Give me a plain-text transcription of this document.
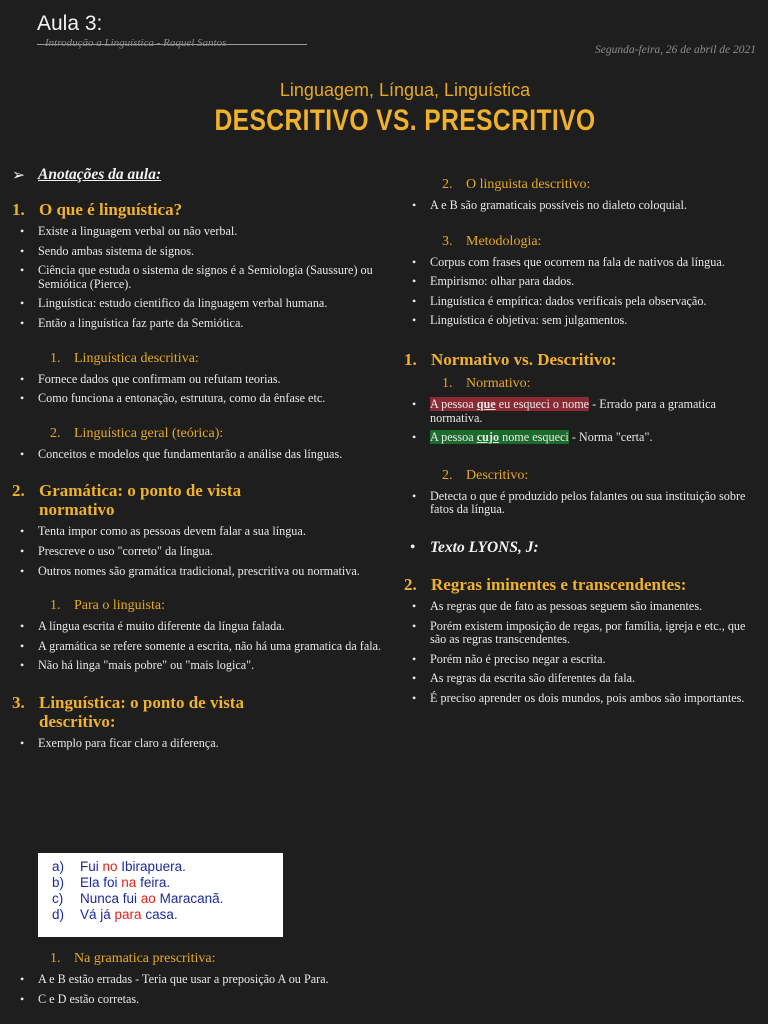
Aula 3:
Introdução a Linguística - Raquel Santos
Segunda-feira, 26 de abril de 2021
Linguagem, Língua, Linguística
DESCRITIVO VS. PRESCRITIVO
➢ Anotações da aula:
1. O que é linguística?
• Existe a linguagem verbal ou não verbal.
• Sendo ambas sistema de signos.
• Ciência que estuda o sistema de signos é a Semiologia (Saussure) ou Semiótica (Pierce).
• Linguística: estudo cientifico da linguagem verbal humana.
• Então a linguística faz parte da Semiótica.
1. Linguística descritiva:
• Fornece dados que confirmam ou refutam teorias.
• Como funciona a entonação, estrutura, como da ênfase etc.
2. Linguística geral (teórica):
• Conceitos e modelos que fundamentarão a análise das línguas.
2. Gramática: o ponto de vista normativo
• Tenta impor como as pessoas devem falar a sua língua.
• Prescreve o uso "correto" da língua.
• Outros nomes são gramática tradicional, prescritiva ou normativa.
1. Para o linguista:
• A língua escrita é muito diferente da língua falada.
• A gramática se refere somente a escrita, não há uma gramatica da fala.
• Não há linga "mais pobre" ou "mais logica".
3. Linguística: o ponto de vista descritivo:
• Exemplo para ficar claro a diferença.
a) Fui no Ibirapuera.
b) Ela foi na feira.
c) Nunca fui ao Maracanã.
d) Vá já para casa.
1. Na gramatica prescritiva:
• A e B estão erradas - Teria que usar a preposição A ou Para.
• C e D estão corretas.
2. O linguista descritivo:
• A e B são gramaticais possíveis no dialeto coloquial.
3. Metodologia:
• Corpus com frases que ocorrem na fala de nativos da língua.
• Empirismo: olhar para dados.
• Linguística é empírica: dados verificais pela observação.
• Linguística é objetiva: sem julgamentos.
1. Normativo vs. Descritivo:
1. Normativo:
• A pessoa que eu esqueci o nome - Errado para a gramatica normativa.
• A pessoa cujo nome esqueci - Norma "certa".
2. Descritivo:
• Detecta o que é produzido pelos falantes ou sua instituição sobre fatos da língua.
• Texto LYONS, J:
2. Regras iminentes e transcendentes:
• As regras que de fato as pessoas seguem são imanentes.
• Porém existem imposição de regas, por família, igreja e etc., que são as regras transcendentes.
• Porém não é preciso negar a escrita.
• As regras da escrita são diferentes da fala.
• É preciso aprender os dois mundos, pois ambos são importantes.
